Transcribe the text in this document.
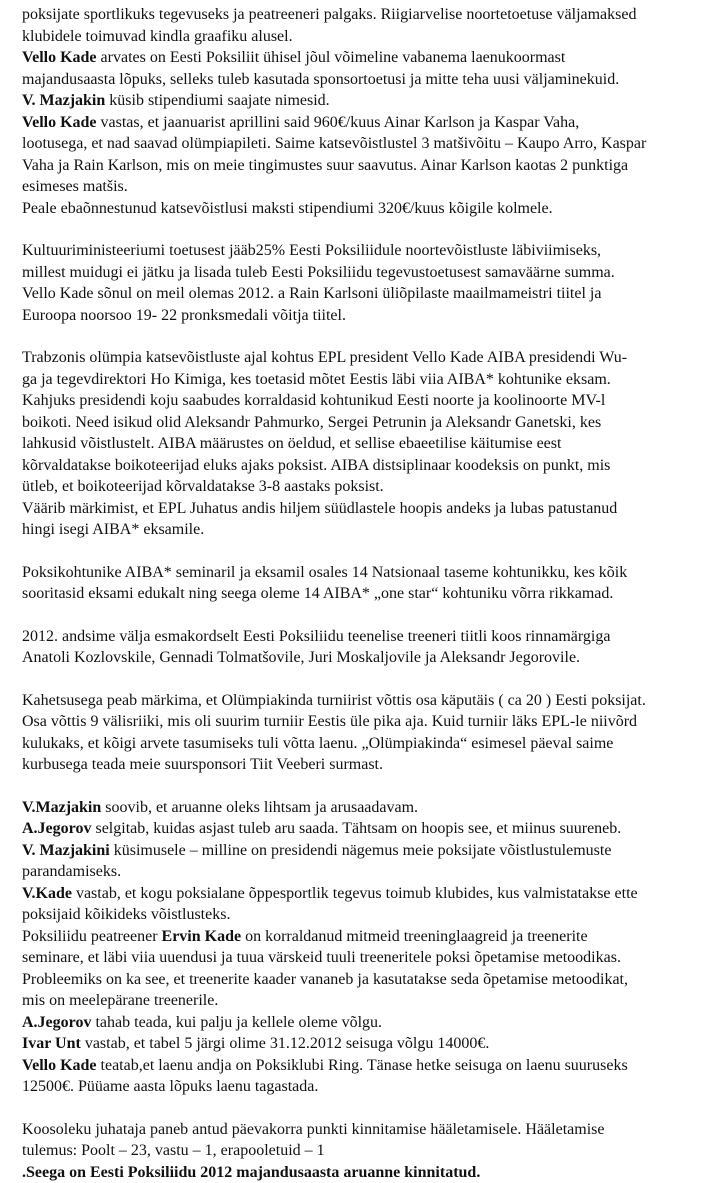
poksijate sportlikuks tegevuseks ja peatreeneri palgaks. Riigiarvelise noortetoetuse väljamaksed
klubidele toimuvad kindla graafiku alusel.
Vello Kade arvates on Eesti Poksiliit ühisel jõul võimeline vabanema laenukoormast
majandusaasta lõpuks, selleks tuleb kasutada sponsortoetusi ja mitte teha uusi väljaminekuid.
V. Mazjakin küsib stipendiumi saajate nimesid.
Vello Kade vastas, et jaanuarist aprillini said 960€/kuus Ainar Karlson ja Kaspar Vaha,
lootusega, et nad saavad olümpiapileti. Saime katsevõistlustel 3 matšivõitu – Kaupo Arro, Kaspar
Vaha ja Rain Karlson, mis on meie tingimustes suur saavutus. Ainar Karlson kaotas 2 punktiga
esimeses matšis.
Peale ebaõnnestunud katsevõistlusi maksti stipendiumi 320€/kuus kõigile kolmele.
Kultuuriministeeriumi toetusest jääb25% Eesti Poksiliidule noortevõistluste läbiviimiseks,
millest muidugi ei jätku ja lisada tuleb Eesti Poksiliidu tegevustoetusest samaväärne summa.
Vello Kade sõnul on meil olemas 2012. a Rain Karlsoni üliõpilaste maailmameistri tiitel ja
Euroopa noorsoo 19- 22 pronksmedali võitja tiitel.
Trabzonis olümpia katsevõistluste ajal kohtus EPL president Vello Kade AIBA presidendi Wu-
ga ja tegevdirektori Ho Kimiga, kes toetasid mõtet Eestis läbi viia AIBA* kohtunike eksam.
Kahjuks presidendi koju saabudes korraldasid kohtunikud Eesti noorte ja koolinoorte MV-l
boikoti. Need isikud olid Aleksandr Pahmurko, Sergei Petrunin ja Aleksandr Ganetski, kes
lahkusid võistlustelt. AIBA määrustes on öeldud, et sellise ebaeetilise käitumise eest
kõrvaldatakse boikoteerijad eluks ajaks poksist. AIBA distsiplinaar koodeksis on punkt, mis
ütleb, et boikoteerijad kõrvaldatakse 3-8 aastaks poksist.
Väärib märkimist, et EPL Juhatus andis hiljem süüdlastele hoopis andeks ja lubas patustanud
hingi isegi AIBA* eksamile.
Poksikohtunike AIBA* seminaril ja eksamil osales 14 Natsionaal taseme kohtunikku, kes kõik
sooritasid eksami edukalt ning seega oleme 14 AIBA* „one star“ kohtuniku võrra rikkamad.
2012. andsime välja esmakordselt Eesti Poksiliidu teenelise treeneri tiitli koos rinnamärgiga
Anatoli Kozlovskile, Gennadi Tolmatšovile, Juri Moskaljovile ja Aleksandr Jegorovile.
Kahetsusega peab märkima, et Olümpiakinda turniirist võttis osa käputäis ( ca 20 ) Eesti poksijat.
Osa võttis 9 välisriiki, mis oli suurim turniir Eestis üle pika aja. Kuid turniir läks EPL-le niivõrd
kulukaks, et kõigi arvete tasumiseks tuli võtta laenu. „Olümpiakinda“ esimesel päeval saime
kurbusega teada meie suursponsori Tiit Veeberi surmast.
V.Mazjakin soovib, et aruanne oleks lihtsam ja arusaadavam.
A.Jegorov selgitab, kuidas asjast tuleb aru saada. Tähtsam on hoopis see, et miinus suureneb.
V. Mazjakini küsimusele – milline on presidendi nägemus meie poksijate võistlustulemuste
parandamiseks.
V.Kade vastab, et kogu poksialane õppesportlik tegevus toimub klubides, kus valmistatakse ette
poksijaid kõikideks võistlusteks.
Poksiliidu peatreener Ervin Kade on korraldanud mitmeid treeninglaagreid ja treenerite
seminare, et läbi viia uuendusi ja tuua värskeid tuuli treeneritele poksi õpetamise metoodikas.
Probleemiks on ka see, et treenerite kaader vananeb ja kasutatakse seda õpetamise metoodikat,
mis on meelepärane treenerile.
A.Jegorov tahab teada, kui palju ja kellele oleme võlgu.
Ivar Unt vastab, et tabel 5 järgi olime 31.12.2012 seisuga võlgu 14000€.
Vello Kade teatab,et laenu andja on Poksiklubi Ring. Tänase hetke seisuga on laenu suuruseks
12500€. Püüame aasta lõpuks laenu tagastada.
Koosoleku juhataja paneb antud päevakorra punkti kinnitamise hääletamisele. Hääletamise
tulemus: Poolt – 23, vastu – 1, erapooletuid – 1
.Seega on Eesti Poksiliidu 2012 majandusaasta aruanne kinnitatud.
